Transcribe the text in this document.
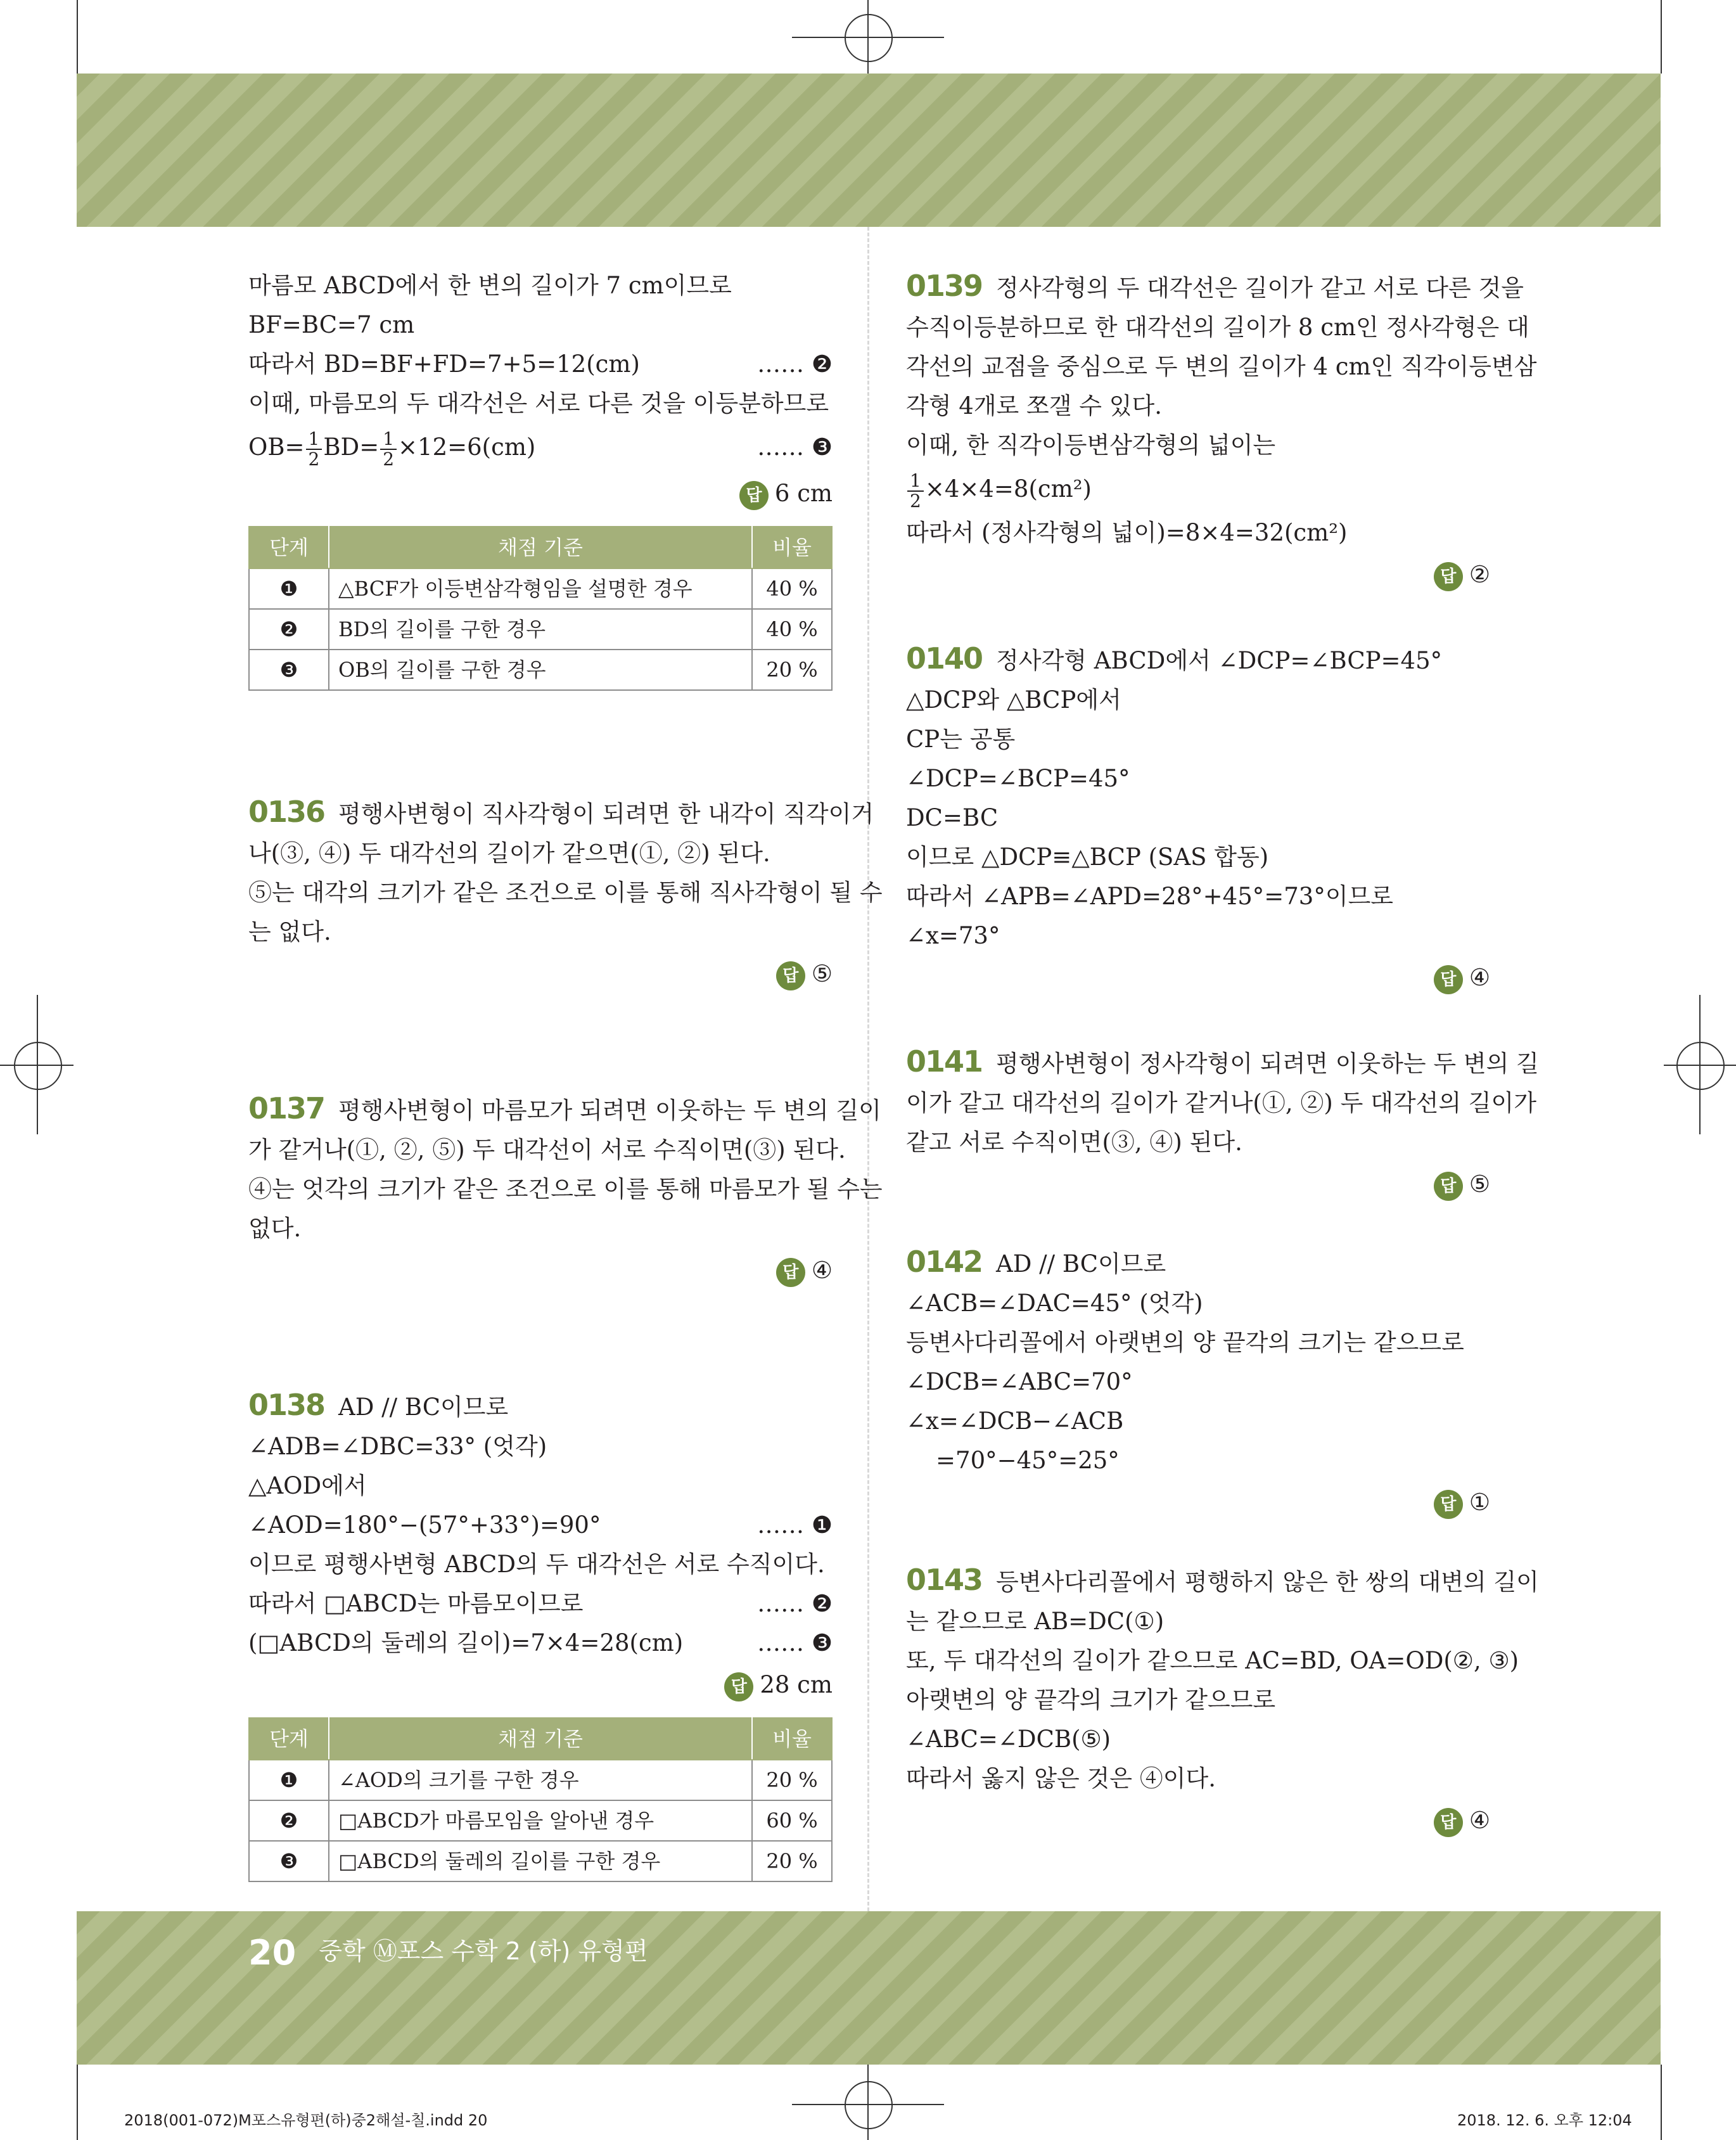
마름모 ABCD에서 한 변의 길이가 7 cm이므로
BF=BC=7 cm
따라서 BD=BF+FD=7+5=12(cm)	…… ❷
이때, 마름모의 두 대각선은 서로 다른 것을 이등분하므로
$OB= \frac{1}{2} BD= \frac{1}{2} \times 12=6(cm)$	…… ❸
답 6 cm
단계	채점 기준	비율
❶	△BCF가 이등변삼각형임을 설명한 경우	40 %
❷	BD의 길이를 구한 경우	40 %
❸	OB의 길이를 구한 경우	20 %
0136 평행사변형이 직사각형이 되려면 한 내각이 직각이거
나(③, ④) 두 대각선의 길이가 같으면(①, ②) 된다.
⑤는 대각의 크기가 같은 조건으로 이를 통해 직사각형이 될 수
는 없다.
답 ⑤
0137 평행사변형이 마름모가 되려면 이웃하는 두 변의 길이
가 같거나(①, ②, ⑤) 두 대각선이 서로 수직이면(③) 된다.
④는 엇각의 크기가 같은 조건으로 이를 통해 마름모가 될 수는
없다.
답 ④
0138 AD // BC이므로
∠ADB=∠DBC=33° (엇각)
△AOD에서
∠AOD=180°−(57°+33°)=90°	…… ❶
이므로 평행사변형 ABCD의 두 대각선은 서로 수직이다.
따라서 □ABCD는 마름모이므로	…… ❷
(□ABCD의 둘레의 길이)=7×4=28(cm)	…… ❸
답 28 cm
단계	채점 기준	비율
❶	∠AOD의 크기를 구한 경우	20 %
❷	□ABCD가 마름모임을 알아낸 경우	60 %
❸	□ABCD의 둘레의 길이를 구한 경우	20 %
0139 정사각형의 두 대각선은 길이가 같고 서로 다른 것을
수직이등분하므로 한 대각선의 길이가 8 cm인 정사각형은 대
각선의 교점을 중심으로 두 변의 길이가 4 cm인 직각이등변삼
각형 4개로 쪼갤 수 있다.
이때, 한 직각이등변삼각형의 넓이는
$\frac{1}{2} \times 4\times 4=8(cm^2)$
따라서 (정사각형의 넓이)=8×4=32(cm²)
답 ②
0140 정사각형 ABCD에서 ∠DCP=∠BCP=45°
△DCP와 △BCP에서
CP는 공통
∠DCP=∠BCP=45°
DC=BC
이므로 △DCP≡△BCP (SAS 합동)
따라서 ∠APB=∠APD=28°+45°=73°이므로
∠x=73°
답 ④
0141 평행사변형이 정사각형이 되려면 이웃하는 두 변의 길
이가 같고 대각선의 길이가 같거나(①, ②) 두 대각선의 길이가
같고 서로 수직이면(③, ④) 된다.
답 ⑤
0142 AD // BC이므로
∠ACB=∠DAC=45° (엇각)
등변사다리꼴에서 아랫변의 양 끝각의 크기는 같으므로
∠DCB=∠ABC=70°
∠x=∠DCB−∠ACB
=70°−45°=25°
답 ①
0143 등변사다리꼴에서 평행하지 않은 한 쌍의 대변의 길이
는 같으므로 AB=DC(①)
또, 두 대각선의 길이가 같으므로 AC=BD, OA=OD(②, ③)
아랫변의 양 끝각의 크기가 같으므로
∠ABC=∠DCB(⑤)
따라서 옳지 않은 것은 ④이다.
답 ④
20 중학 Ⓜ포스 수학 2 (하) 유형편
2018(001-072)M포스유형편(하)중2해설-칠.indd 20	2018. 12. 6. 오후 12:04
